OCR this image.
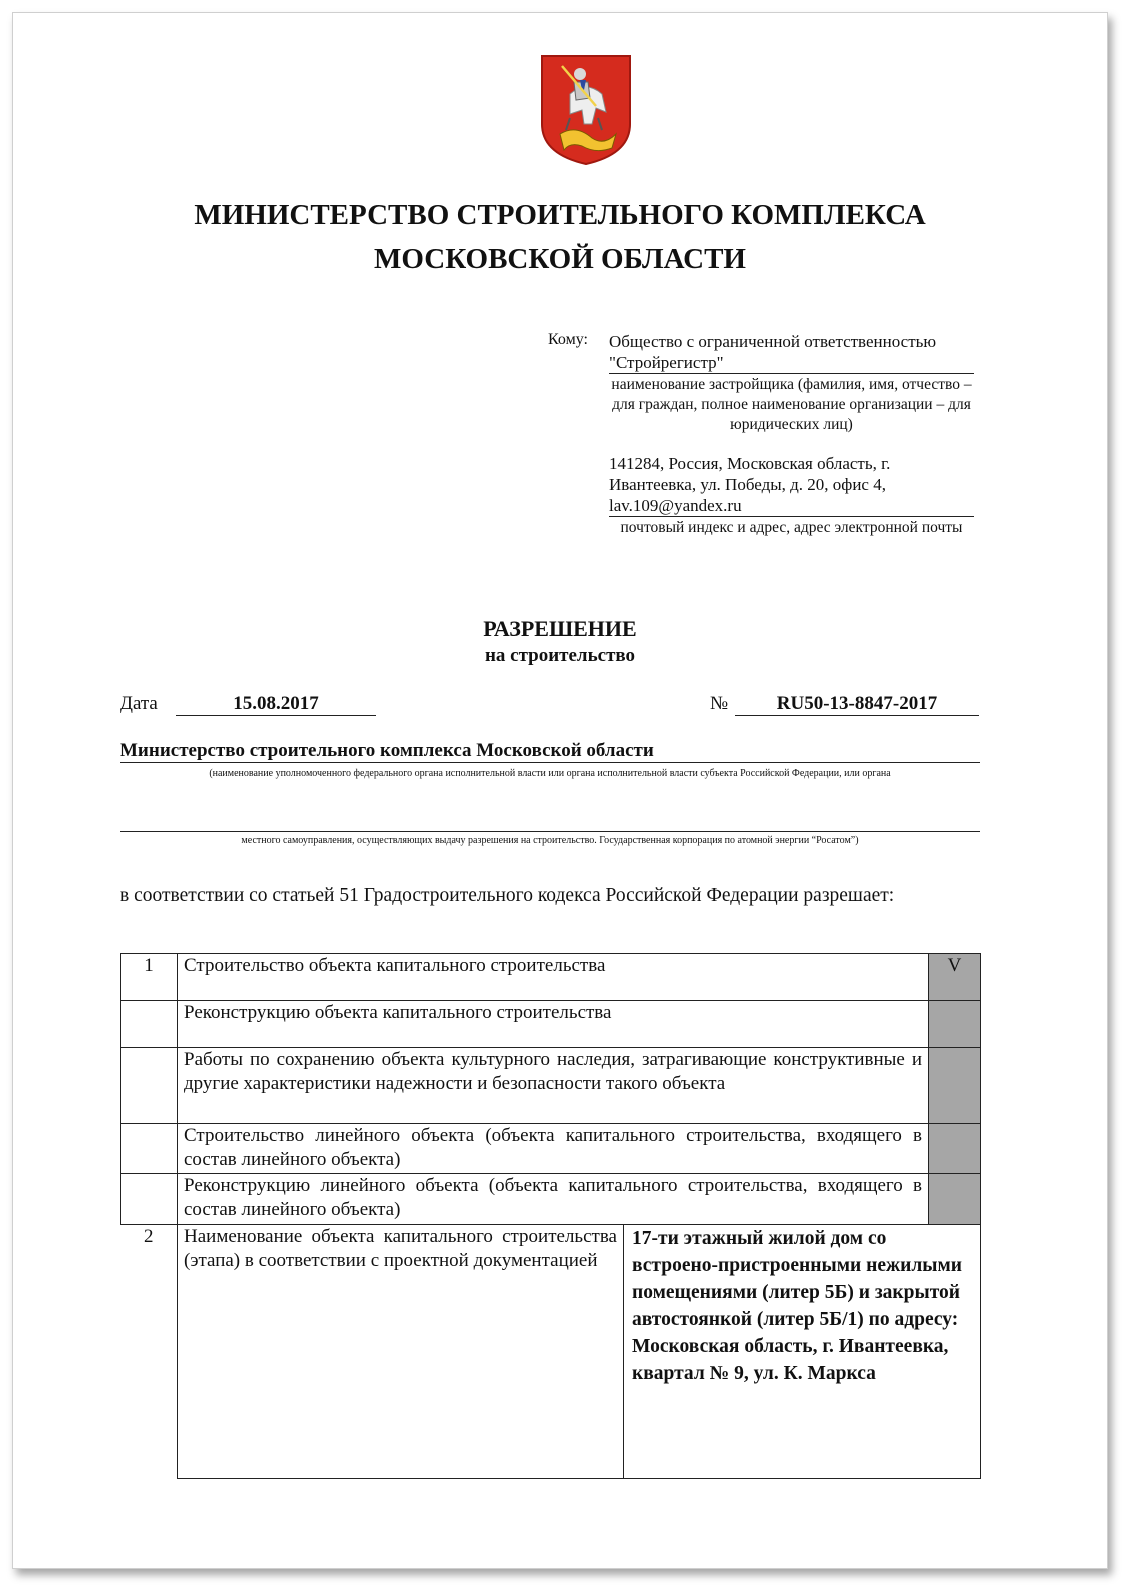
МИНИСТЕРСТВО СТРОИТЕЛЬНОГО КОМПЛЕКСА
МОСКОВСКОЙ ОБЛАСТИ
Кому: Общество с ограниченной ответственностью
"Стройрегистр"
наименование застройщика (фамилия, имя, отчество – для граждан, полное наименование организации – для юридических лиц)
141284, Россия, Московская область, г.
Ивантеевка, ул. Победы, д. 20, офис 4,
lav.109@yandex.ru
почтовый индекс и адрес, адрес электронной почты
РАЗРЕШЕНИЕ
на строительство
Дата	15.08.2017	№	RU50-13-8847-2017
Министерство строительного комплекса Московской области
(наименование уполномоченного федерального органа исполнительной власти или органа исполнительной власти субъекта Российской Федерации, или органа
местного самоуправления, осуществляющих выдачу разрешения на строительство. Государственная корпорация по атомной энергии “Росатом”)
в соответствии со статьей 51 Градостроительного кодекса Российской Федерации разрешает:
1	Строительство объекта капитального строительства		V
	Реконструкцию объекта капитального строительства		
	Работы по сохранению объекта культурного наследия, затрагивающие конструктивные и другие характеристики надежности и безопасности такого объекта		
	Строительство линейного объекта (объекта капитального строительства, входящего в состав линейного объекта)		
	Реконструкцию линейного объекта (объекта капитального строительства, входящего в состав линейного объекта)		
2	Наименование объекта капитального строительства (этапа) в соответствии с проектной документацией	17-ти этажный жилой дом со встроено-пристроенными нежилыми помещениями (литер 5Б) и закрытой автостоянкой (литер 5Б/1) по адресу: Московская область, г. Ивантеевка, квартал № 9, ул. К. Маркса	
